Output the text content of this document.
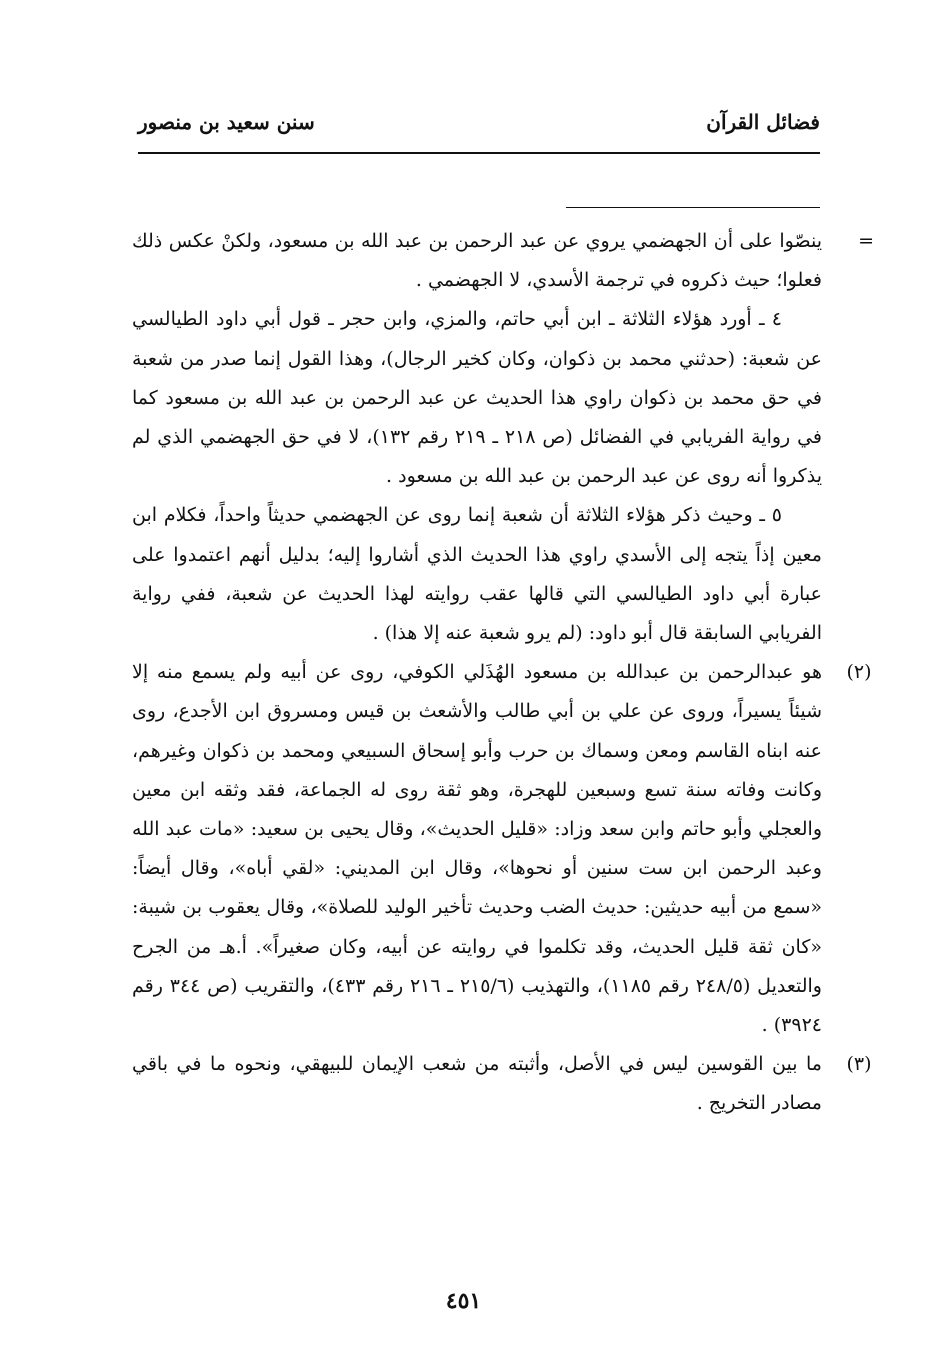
فضائل القرآن
سنن سعيد بن منصور
=

ينصّوا على أن الجهضمي يروي عن عبد الرحمن بن عبد الله بن مسعود، ولكنْ عكس ذلك فعلوا؛ حيث ذكروه في ترجمة الأسدي، لا الجهضمي .

٤ ـ أورد هؤلاء الثلاثة ـ ابن أبي حاتم، والمزي، وابن حجر ـ قول أبي داود الطيالسي عن شعبة: (حدثني محمد بن ذكوان، وكان كخير الرجال)، وهذا القول إنما صدر من شعبة في حق محمد بن ذكوان راوي هذا الحديث عن عبد الرحمن بن عبد الله بن مسعود كما في رواية الفريابي في الفضائل (ص ٢١٨ ـ ٢١٩ رقم ١٣٢)، لا في حق الجهضمي الذي لم يذكروا أنه روى عن عبد الرحمن بن عبد الله بن مسعود .

٥ ـ وحيث ذكر هؤلاء الثلاثة أن شعبة إنما روى عن الجهضمي حديثاً واحداً، فكلام ابن معين إذاً يتجه إلى الأسدي راوي هذا الحديث الذي أشاروا إليه؛ بدليل أنهم اعتمدوا على عبارة أبي داود الطيالسي التي قالها عقب روايته لهذا الحديث عن شعبة، ففي رواية الفريابي السابقة قال أبو داود: (لم يرو شعبة عنه إلا هذا) .

(٢)

هو عبدالرحمن بن عبدالله بن مسعود الهُذَلي الكوفي، روى عن أبيه ولم يسمع منه إلا شيئاً يسيراً، وروى عن علي بن أبي طالب والأشعث بن قيس ومسروق ابن الأجدع، روى عنه ابناه القاسم ومعن وسماك بن حرب وأبو إسحاق السبيعي ومحمد بن ذكوان وغيرهم، وكانت وفاته سنة تسع وسبعين للهجرة، وهو ثقة روى له الجماعة، فقد وثقه ابن معين والعجلي وأبو حاتم وابن سعد وزاد: «قليل الحديث»، وقال يحيى بن سعيد: «مات عبد الله وعبد الرحمن ابن ست سنين أو نحوها»، وقال ابن المديني: «لقي أباه»، وقال أيضاً: «سمع من أبيه حديثين: حديث الضب وحديث تأخير الوليد للصلاة»، وقال يعقوب بن شيبة: «كان ثقة قليل الحديث، وقد تكلموا في روايته عن أبيه، وكان صغيراً». أ.هـ من الجرح والتعديل (٢٤٨/٥ رقم ١١٨٥)، والتهذيب (٢١٥/٦ ـ ٢١٦ رقم ٤٣٣)، والتقريب (ص ٣٤٤ رقم ٣٩٢٤) .

(٣)

ما بين القوسين ليس في الأصل، وأثبته من شعب الإيمان للبيهقي، ونحوه ما في باقي مصادر التخريج .

٤٥١
